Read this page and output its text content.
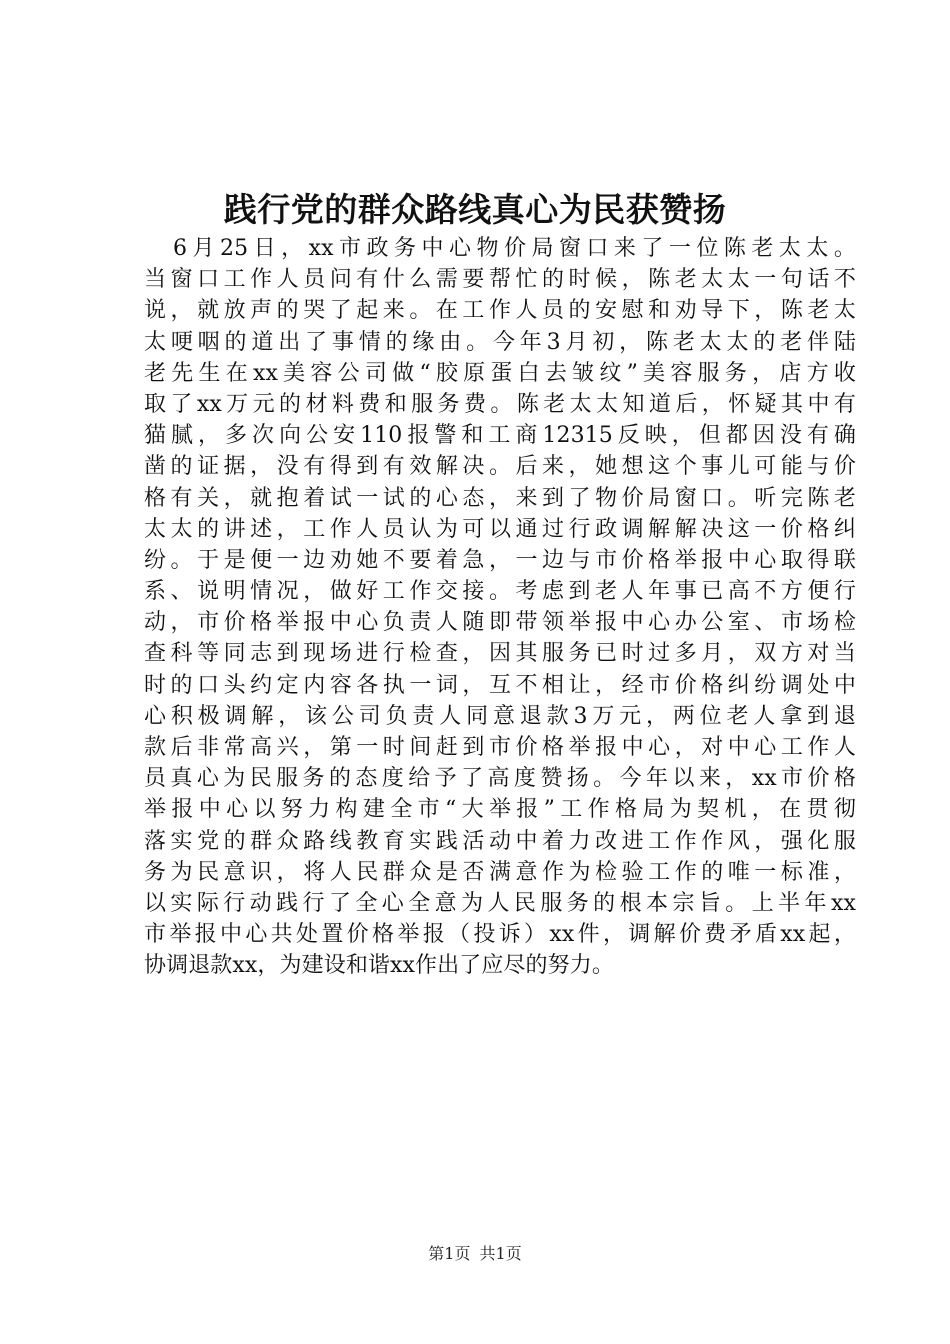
践行党的群众路线真心为民获赞扬
6月25日，xx市政务中心物价局窗口来了一位陈老太太。
当窗口工作人员问有什么需要帮忙的时候，陈老太太一句话不
说，就放声的哭了起来。在工作人员的安慰和劝导下，陈老太
太哽咽的道出了事情的缘由。今年3月初，陈老太太的老伴陆
老先生在xx美容公司做“胶原蛋白去皱纹”美容服务，店方收
取了xx万元的材料费和服务费。陈老太太知道后，怀疑其中有
猫腻，多次向公安110报警和工商12315反映，但都因没有确
凿的证据，没有得到有效解决。后来，她想这个事儿可能与价
格有关，就抱着试一试的心态，来到了物价局窗口。听完陈老
太太的讲述，工作人员认为可以通过行政调解解决这一价格纠
纷。于是便一边劝她不要着急，一边与市价格举报中心取得联
系、说明情况，做好工作交接。考虑到老人年事已高不方便行
动，市价格举报中心负责人随即带领举报中心办公室、市场检
查科等同志到现场进行检查，因其服务已时过多月，双方对当
时的口头约定内容各执一词，互不相让，经市价格纠纷调处中
心积极调解，该公司负责人同意退款3万元，两位老人拿到退
款后非常高兴，第一时间赶到市价格举报中心，对中心工作人
员真心为民服务的态度给予了高度赞扬。今年以来，xx市价格
举报中心以努力构建全市“大举报”工作格局为契机，在贯彻
落实党的群众路线教育实践活动中着力改进工作作风，强化服
务为民意识，将人民群众是否满意作为检验工作的唯一标准，
以实际行动践行了全心全意为人民服务的根本宗旨。上半年xx
市举报中心共处置价格举报（投诉）xx件，调解价费矛盾xx起，
协调退款xx，为建设和谐xx作出了应尽的努力。
第1页 共1页
